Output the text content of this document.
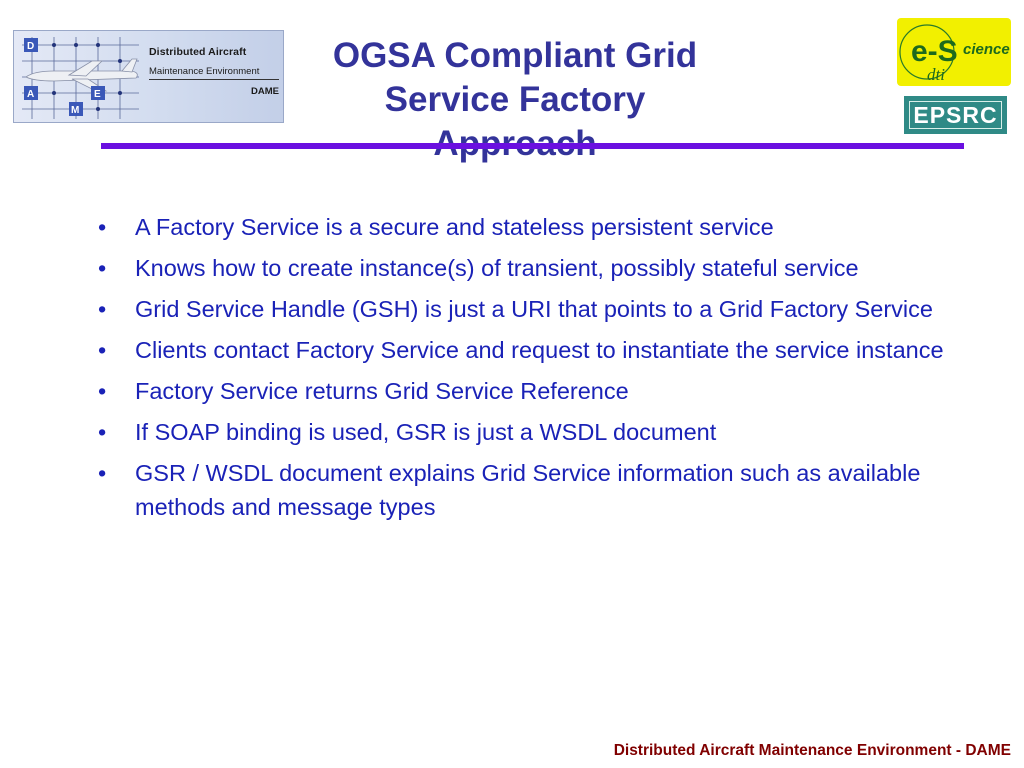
D
A	E
M
Distributed Aircraft
Maintenance Environment
DAME
OGSA Compliant Grid
Service Factory
e-S cience
dti
EPSRC
• A Factory Service is a secure and stateless persistent service
• Knows how to create instance(s) of transient, possibly stateful service
• Grid Service Handle (GSH) is just a URI that points to a Grid Factory Service
• Clients contact Factory Service and request to instantiate the service instance
• Factory Service returns Grid Service Reference
• If SOAP binding is used, GSR is just a WSDL document
• GSR / WSDL document explains Grid Service information such as available methods and message types
Distributed Aircraft Maintenance Environment - DAME
